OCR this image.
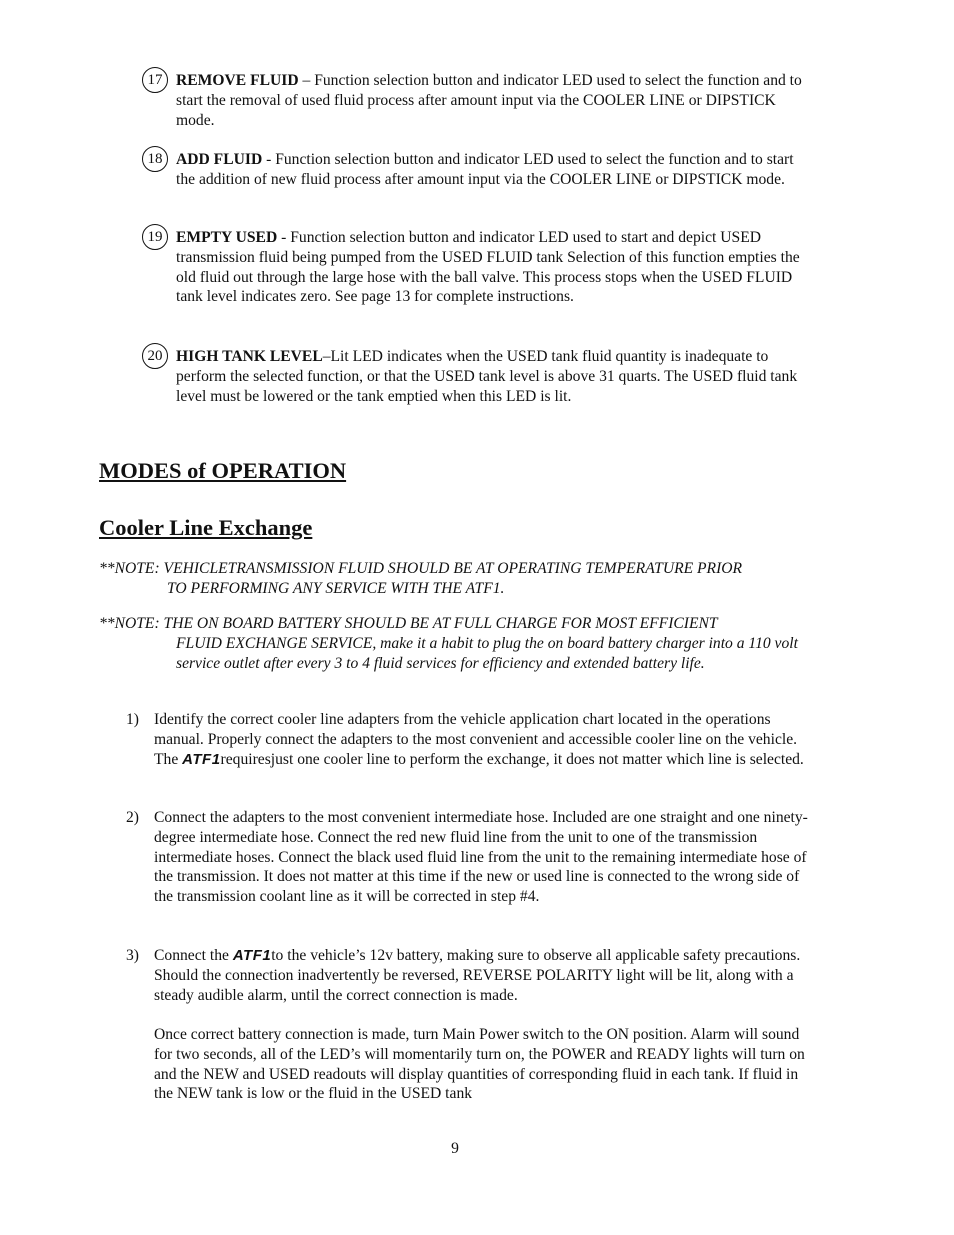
17 REMOVE FLUID – Function selection button and indicator LED used to select the function and to start the removal of used fluid process after amount input via the COOLER LINE or DIPSTICK mode.
18 ADD FLUID - Function selection button and indicator LED used to select the function and to start the addition of new fluid process after amount input via the COOLER LINE or DIPSTICK mode.
19 EMPTY USED - Function selection button and indicator LED used to start and depict USED transmission fluid being pumped from the USED FLUID tank Selection of this function empties the old fluid out through the large hose with the ball valve. This process stops when the USED FLUID tank level indicates zero. See page 13 for complete instructions.
20 HIGH TANK LEVEL–Lit LED indicates when the USED tank fluid quantity is inadequate to perform the selected function, or that the USED tank level is above 31 quarts. The USED fluid tank level must be lowered or the tank emptied when this LED is lit.
MODES of OPERATION
Cooler Line Exchange
**NOTE: VEHICLETRANSMISSION FLUID SHOULD BE AT OPERATING TEMPERATURE PRIOR
TO PERFORMING ANY SERVICE WITH THE ATF1.
**NOTE: THE ON BOARD BATTERY SHOULD BE AT FULL CHARGE FOR MOST EFFICIENT
FLUID EXCHANGE SERVICE, make it a habit to plug the on board battery charger into a 110 volt service outlet after every 3 to 4 fluid services for efficiency and extended battery life.
1) Identify the correct cooler line adapters from the vehicle application chart located in the operations manual. Properly connect the adapters to the most convenient and accessible cooler line on the vehicle. The ATF1requiresjust one cooler line to perform the exchange, it does not matter which line is selected.
2) Connect the adapters to the most convenient intermediate hose. Included are one straight and one ninety-degree intermediate hose. Connect the red new fluid line from the unit to one of the transmission intermediate hoses. Connect the black used fluid line from the unit to the remaining intermediate hose of the transmission. It does not matter at this time if the new or used line is connected to the wrong side of the transmission coolant line as it will be corrected in step #4.
3) Connect the ATF1to the vehicle’s 12v battery, making sure to observe all applicable safety precautions. Should the connection inadvertently be reversed, REVERSE POLARITY light will be lit, along with a steady audible alarm, until the correct connection is made.
Once correct battery connection is made, turn Main Power switch to the ON position. Alarm will sound for two seconds, all of the LED’s will momentarily turn on, the POWER and READY lights will turn on and the NEW and USED readouts will display quantities of corresponding fluid in each tank. If fluid in the NEW tank is low or the fluid in the USED tank
9
